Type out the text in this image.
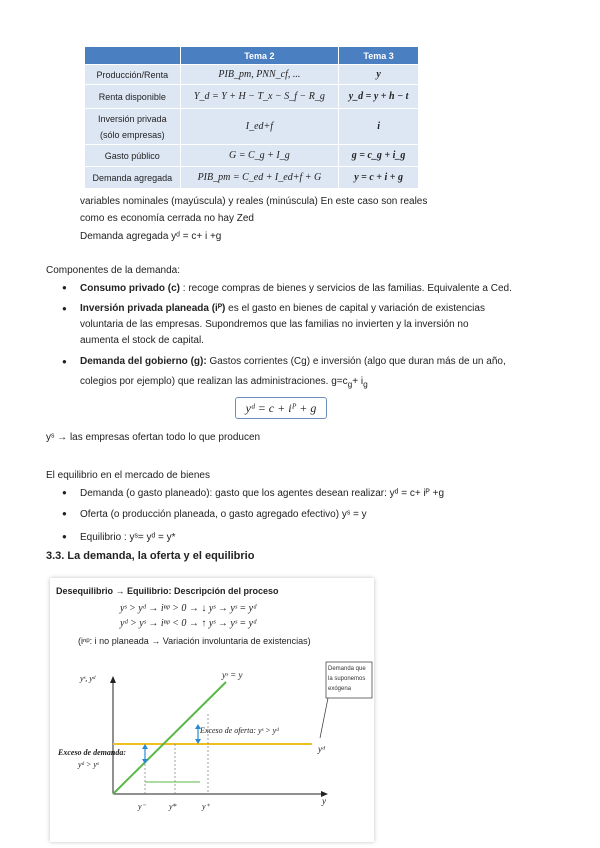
	Tema 2	Tema 3
Producción/Renta	PIB_pm, PNN_cf, ...	y
Renta disponible	Y_d = Y + H − T_x − S_f − R_g	y_d = y + h − t
Inversión privada (sólo empresas)	I_ed+f	i
Gasto público	G = C_g + I_g	g = c_g + i_g
Demanda agregada	PIB_pm = C_ed + I_ed+f + G	y = c + i + g
variables nominales (mayúscula) y reales (minúscula) En este caso son reales
como es economía cerrada no hay Zed
Demanda agregada yᵈ = c+ i +g
Componentes de la demanda:
● Consumo privado (c) : recoge compras de bienes y servicios de las familias. Equivalente a Ced.
● Inversión privada planeada (iᴾ) es el gasto en bienes de capital y variación de existencias
voluntaria de las empresas. Supondremos que las familias no invierten y la inversión no
aumenta el stock de capital.
● Demanda del gobierno (g): Gastos corrientes (Cg) e inversión (algo que duran más de un año,
colegios por ejemplo) que realizan las administraciones. $g=c_g+ i_g$
yᵈ = c + iᴾ + g
yˢ → las empresas ofertan todo lo que producen
El equilibrio en el mercado de bienes
● Demanda (o gasto planeado): gasto que los agentes desean realizar: yᵈ = c+ iᴾ +g
● Oferta (o producción planeada, o gasto agregado efectivo) yˢ = y
● Equilibrio : yˢ= yᵈ = y*
3.3. La demanda, la oferta y el equilibrio
Desequilibrio → Equilibrio: Descripción del proceso
yˢ > yᵈ → iⁿᵖ > 0 → ↓ yˢ → yˢ = yᵈ
yᵈ > yˢ → iⁿᵖ < 0 → ↑ yˢ → yˢ = yᵈ
(iⁿᵖ: i no planeada → Variación involuntaria de existencias)
yˢ, yᵈ
y
yˢ = y
yᵈ
Exceso de oferta: yˢ > yᵈ
Exceso de demanda:
yᵈ > yˢ
Demanda que la suponemos exógena
y⁻	y*	y⁺
